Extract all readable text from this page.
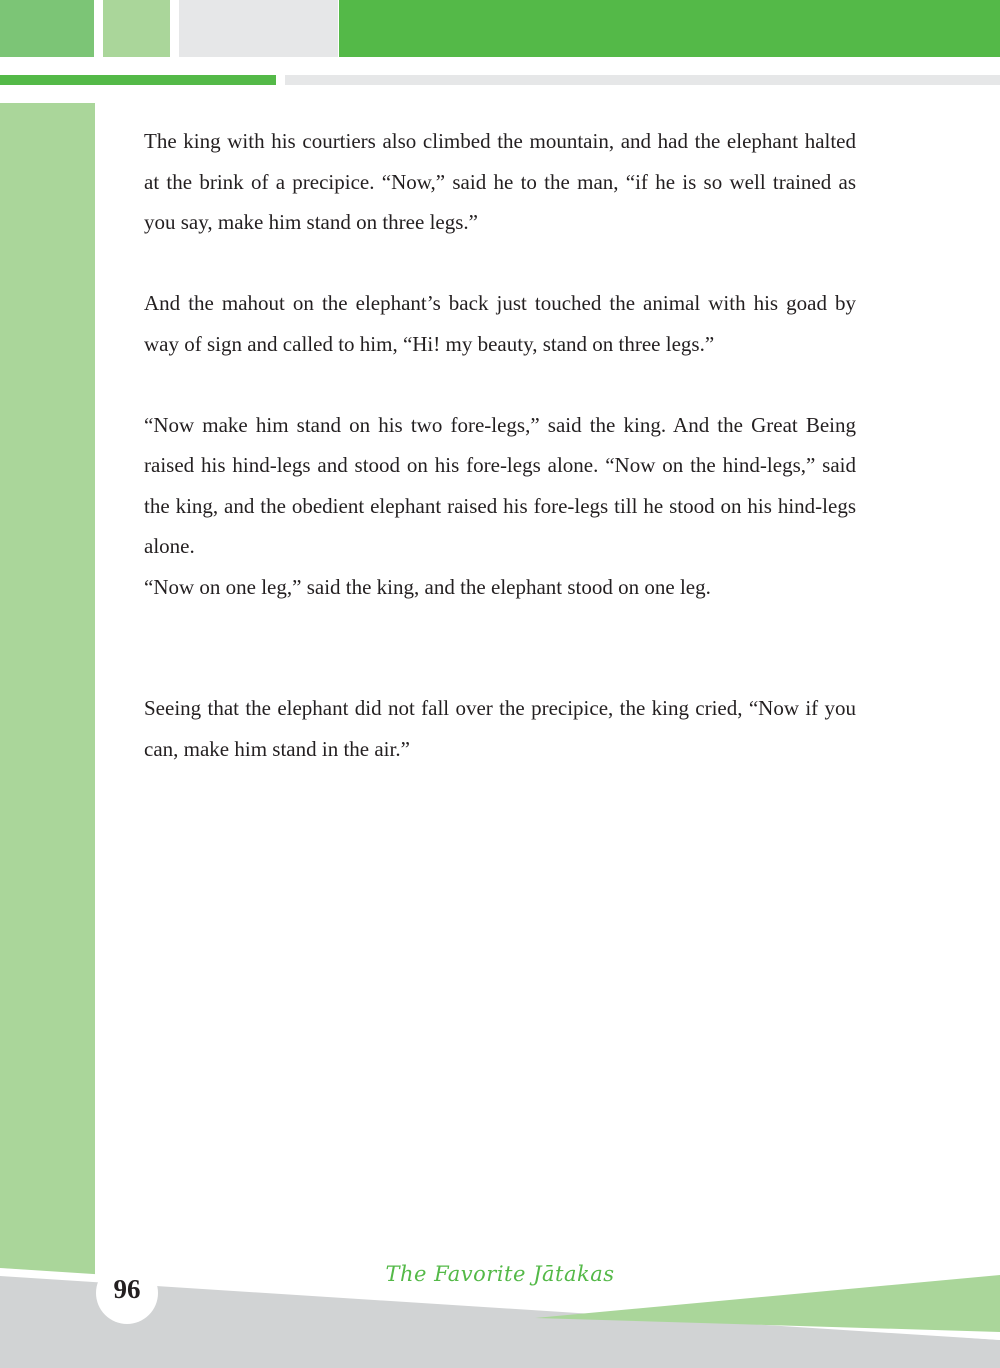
The king with his courtiers also climbed the mountain, and had the elephant halted at the brink of a precipice. “Now,” said he to the man, “if he is so well trained as you say, make him stand on three legs.”

And the mahout on the elephant’s back just touched the animal with his goad by way of sign and called to him, “Hi! my beauty, stand on three legs.”

“Now make him stand on his two fore-legs,” said the king. And the Great Being raised his hind-legs and stood on his fore-legs alone. “Now on the hind-legs,” said the king, and the obedient elephant raised his fore-legs till he stood on his hind-legs alone.

“Now on one leg,” said the king, and the elephant stood on one leg.

Seeing that the elephant did not fall over the precipice, the king cried, “Now if you can, make him stand in the air.”

96	The Favorite Jātakas
